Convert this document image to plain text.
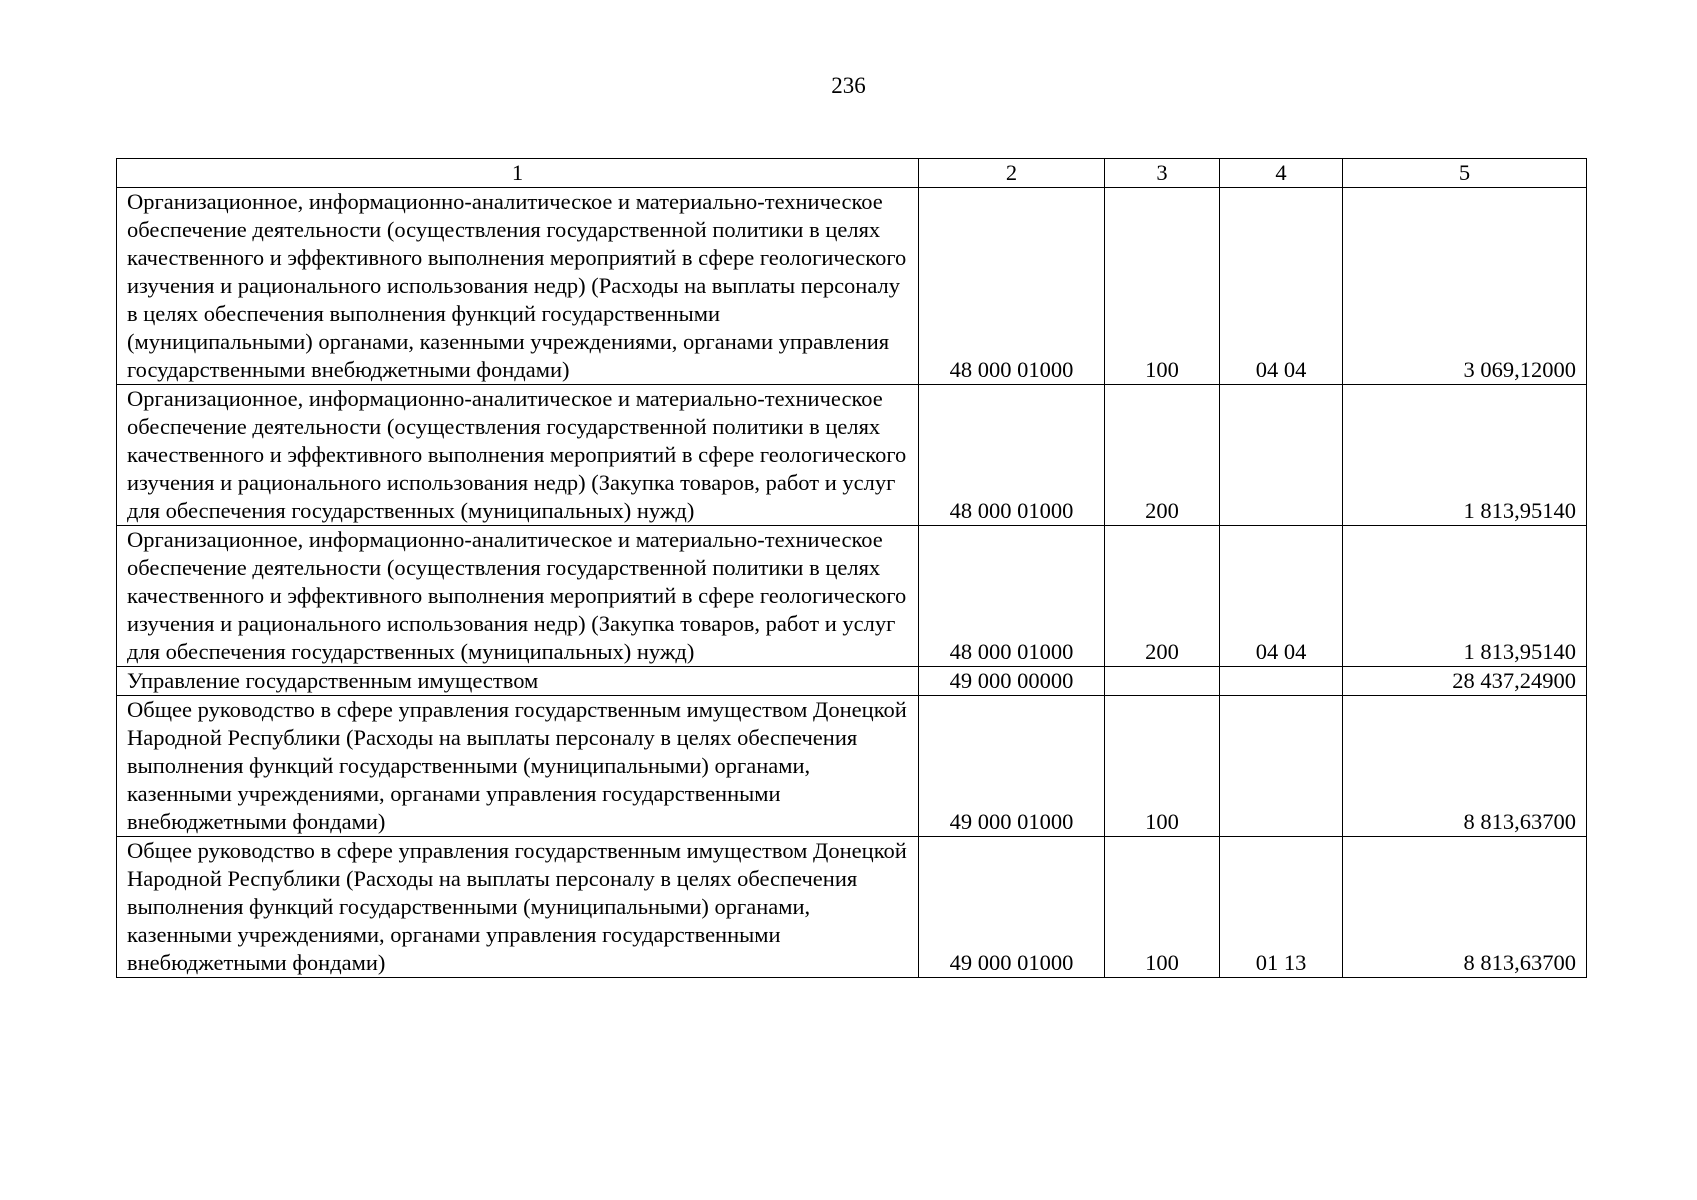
236
1	2	3	4	5
Организационное, информационно-аналитическое и материально-техническое обеспечение деятельности (осуществления государственной политики в целях качественного и эффективного выполнения мероприятий в сфере геологического изучения и рационального использования недр) (Расходы на выплаты персоналу в целях обеспечения выполнения функций государственными (муниципальными) органами, казенными учреждениями, органами управления государственными внебюджетными фондами)	48 000 01000	100	04 04	3 069,12000
Организационное, информационно-аналитическое и материально-техническое обеспечение деятельности (осуществления государственной политики в целях качественного и эффективного выполнения мероприятий в сфере геологического изучения и рационального использования недр) (Закупка товаров, работ и услуг для обеспечения государственных (муниципальных) нужд)	48 000 01000	200		1 813,95140
Организационное, информационно-аналитическое и материально-техническое обеспечение деятельности (осуществления государственной политики в целях качественного и эффективного выполнения мероприятий в сфере геологического изучения и рационального использования недр) (Закупка товаров, работ и услуг для обеспечения государственных (муниципальных) нужд)	48 000 01000	200	04 04	1 813,95140
Управление государственным имуществом	49 000 00000			28 437,24900
Общее руководство в сфере управления государственным имуществом Донецкой Народной Республики (Расходы на выплаты персоналу в целях обеспечения выполнения функций государственными (муниципальными) органами, казенными учреждениями, органами управления государственными внебюджетными фондами)	49 000 01000	100		8 813,63700
Общее руководство в сфере управления государственным имуществом Донецкой Народной Республики (Расходы на выплаты персоналу в целях обеспечения выполнения функций государственными (муниципальными) органами, казенными учреждениями, органами управления государственными внебюджетными фондами)	49 000 01000	100	01 13	8 813,63700
